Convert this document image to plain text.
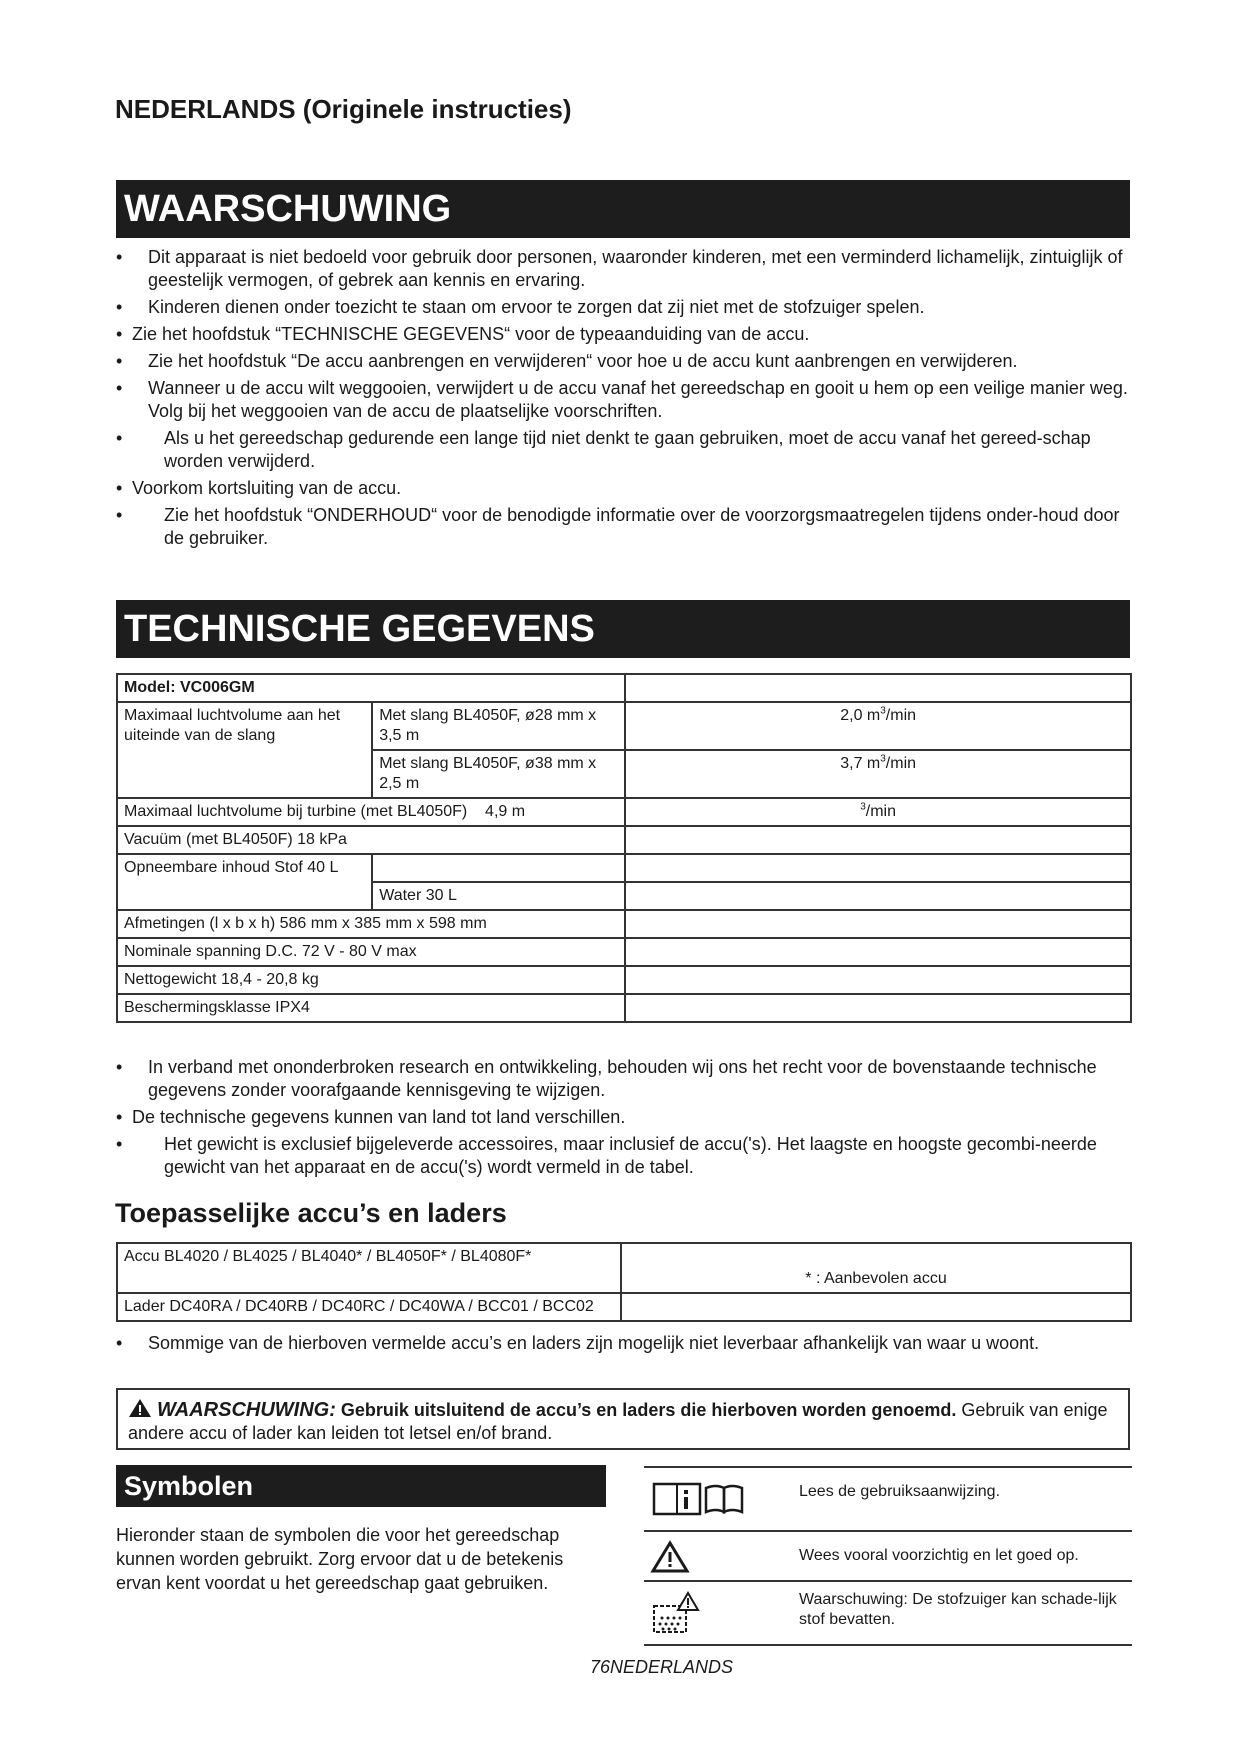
NEDERLANDS (Originele instructies)
WAARSCHUWING
• Dit apparaat is niet bedoeld voor gebruik door personen, waaronder kinderen, met een verminderd lichamelijk, zintuiglijk of geestelijk vermogen, of gebrek aan kennis en ervaring.
• Kinderen dienen onder toezicht te staan om ervoor te zorgen dat zij niet met de stofzuiger spelen.
• Zie het hoofdstuk “TECHNISCHE GEGEVENS“ voor de typeaanduiding van de accu.
• Zie het hoofdstuk “De accu aanbrengen en verwijderen“ voor hoe u de accu kunt aanbrengen en verwijderen.
• Wanneer u de accu wilt weggooien, verwijdert u de accu vanaf het gereedschap en gooit u hem op een veilige manier weg. Volg bij het weggooien van de accu de plaatselijke voorschriften.
• Als u het gereedschap gedurende een lange tijd niet denkt te gaan gebruiken, moet de accu vanaf het gereed-schap worden verwijderd.
• Voorkom kortsluiting van de accu.
• Zie het hoofdstuk “ONDERHOUD“ voor de benodigde informatie over de voorzorgsmaatregelen tijdens onder-houd door de gebruiker.
TECHNISCHE GEGEVENS
Model: VC006GM		
Maximaal luchtvolume aan het uiteinde van de slang	Met slang BL4050F, ø28 mm x 3,5 m	2,0 $m^3/\min$
	Met slang BL4050F, ø38 mm x 2,5 m	3,7 $m^3/\min$
Maximaal luchtvolume bij turbine (met BL4050F)    4,9 m		$^3$/min
Vacuüm (met BL4050F) 18 kPa		
Opneembare inhoud Stof 40 L		
	Water 30 L	
Afmetingen (l x b x h) 586 mm x 385 mm x 598 mm		
Nominale spanning D.C. 72 V - 80 V max		
Nettogewicht 18,4 - 20,8 kg		
Beschermingsklasse IPX4		
• In verband met ononderbroken research en ontwikkeling, behouden wij ons het recht voor de bovenstaande technische gegevens zonder voorafgaande kennisgeving te wijzigen.
• De technische gegevens kunnen van land tot land verschillen.
• Het gewicht is exclusief bijgeleverde accessoires, maar inclusief de accu('s). Het laagste en hoogste gecombi-neerde gewicht van het apparaat en de accu('s) wordt vermeld in de tabel.
Toepasselijke accu’s en laders
Accu BL4020 / BL4025 / BL4040* / BL4050F* / BL4080F*	* : Aanbevolen accu
Lader DC40RA / DC40RB / DC40RC / DC40WA / BCC01 / BCC02	
• Sommige van de hierboven vermelde accu’s en laders zijn mogelijk niet leverbaar afhankelijk van waar u woont.
WAARSCHUWING: Gebruik uitsluitend de accu’s en laders die hierboven worden genoemd. Gebruik van enige andere accu of lader kan leiden tot letsel en/of brand.
Symbolen
Hieronder staan de symbolen die voor het gereedschap kunnen worden gebruikt. Zorg ervoor dat u de betekenis ervan kent voordat u het gereedschap gaat gebruiken.
Lees de gebruiksaanwijzing.
Wees vooral voorzichtig en let goed op.
Waarschuwing: De stofzuiger kan schade-lijk stof bevatten.
76NEDERLANDS
